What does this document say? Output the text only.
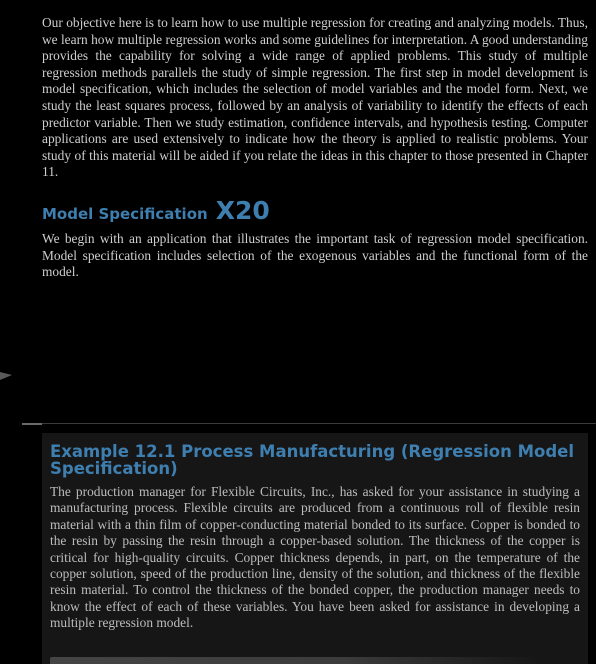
Our objective here is to learn how to use multiple regression for creating and analyzing models. Thus, we learn how multiple regression works and some guidelines for interpretation. A good understanding provides the capability for solving a wide range of applied problems. This study of multiple regression methods parallels the study of simple regression. The first step in model development is model specification, which includes the selection of model variables and the model form. Next, we study the least squares process, followed by an analysis of variability to identify the effects of each predictor variable. Then we study estimation, confidence intervals, and hypothesis testing. Computer applications are used extensively to indicate how the theory is applied to realistic problems. Your study of this material will be aided if you relate the ideas in this chapter to those presented in Chapter 11.

Model Specification X20

We begin with an application that illustrates the important task of regression model specification. Model specification includes selection of the exogenous variables and the functional form of the model.

Example 12.1 Process Manufacturing (Regression Model Specification)

The production manager for Flexible Circuits, Inc., has asked for your assistance in studying a manufacturing process. Flexible circuits are produced from a continuous roll of flexible resin material with a thin film of copper-conducting material bonded to its surface. Copper is bonded to the resin by passing the resin through a copper-based solution. The thickness of the copper is critical for high-quality circuits. Copper thickness depends, in part, on the temperature of the copper solution, speed of the production line, density of the solution, and thickness of the flexible resin material. To control the thickness of the bonded copper, the production manager needs to know the effect of each of these variables. You have been asked for assistance in developing a multiple regression model.
